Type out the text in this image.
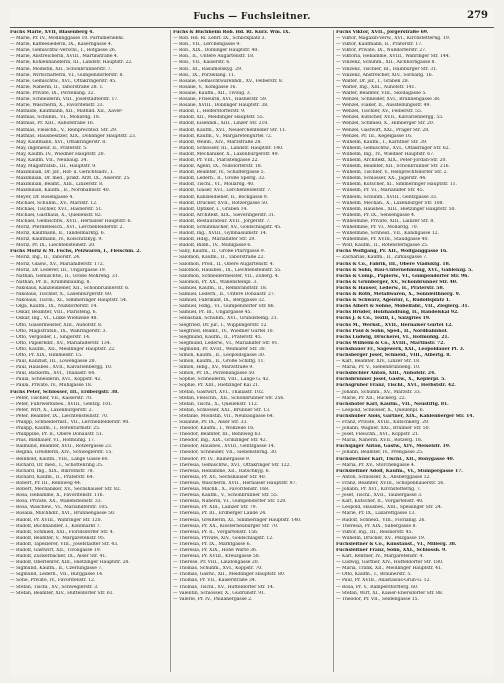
Fuchs — Fuchsleitner.	279
Fuchs Marie, XVII, Blasenberg 4.
— Marie, Pr. IV., Mödlinggasse 10. Parfumeriebhl.
— Marie, Kaffeesiederin, IX., Kaserngasse 4.
— Marie, Gemischtw.-Verschl., I., Rotgasse 26.
— Marie, Anstreicherin, XVIII., Martinstraße 4.
— Marie, Kohlenhändlerin, III., Landstr. Hauptstr. 22.
— Marie, Modistin, XII., Schönbrunnerstr. 7.
— Marie, Wirtschafterin, VI., Gumpendorferstr. 8.
— Marie, Gemischtw., XVI., Ottakringerstr. 45.
— Marie, Näherin, II., Taborstraße 28. T.
— Marie, Private, IX., Porzellang. 32.
— Marie, Schneiderin, VIII., Josefstädterstr. 17.
— Marie, Wäscherin, X., Favoritenstr. 33.
— Mathilde, Kaufmann, XII., Mathild. XII., Xaver-
— Mathias, Schuhm., VI., Mollardg. 18.
— Mathias, Pr. XIII., Auhofstraße 16.
— Mathias, Fleischh., V., Reinprechtsd. Str. 29.
— Mathias, Hausbesitzer, XIX., Döblinger Hauptstr. 23.
— May, Kaufmann, XVI., Ottakringerstr. 8.
— May, ingenieur, II., Praterstr. 5.
— May, Kaufm. IV., Wiedner Hauptstr. 20.
— May, Kaufm. VII., Neubaug. 34.
— May, Magistratsb., III., Hauptstr. 9.
— Maximilian, Dr. jur., Hof- u. Gerichtsadv., I.
— Maximilian, Dr. med., prakt. Arzt, IX., Alserstr. 25.
— Maximilian, Beamt., XIII., Linzerstr. 8.
— Maximilian, Kaufm., II., Nordbahnstr. 40.
— Meyer, Dr. Rosengasse 4.
— Michael, Schuhm., XV., Märzstr. 12.
— Michael, Tischler, XVI., Hasnerstr. 51.
— Michael, Gasthaus, X., Quellenstr. 82.
— Michael, Gemischtw., XVII., Hernalser Hauptstr. 6.
— Moriz, Pferdefleisch., XVI., Lerchenfelderstr. 2.
— Moriz, Kaufmann, II., Tandelmarktg. 6.
— Moriz, Kaufmann, IV., Kolschitzkyg. 9.
— Moriz, Pr. IX., Liechtensteinstr. 20.
Fuchs Moriz & M. Fuchs, Pelzwaren, I., Fleischm. 2.
— Moriz, Ing., II., Taborstr. 24.
— Moriz, Glasw., XV., Mariahilferstr. 172.
— Moriz, Dr. Lederer, III., Ungargasse 19.
— Nathan, Gemischtw., II., Große Mohreng. 31.
— Nathan, Pr. II., Krummbaumg. 8.
— Nikolaus, Kanzleidiener, XII., Schönbrunnerstr. 6.
— Nikolaus, Tischler, X., Laxenburgerstr. 60.
— Nikolaus, Tischl., XI., Simmeringer Hauptstr. 54.
— Olga, Kaufm., IX., Nußdorferstr. 14.
— Oskar, Beamter, VIII., Piaristeng. 6.
— Oskar, Ing., VI., Linke Wienzeile 48.
— Otto, Glasermeister, XIII., Auhofstr. 8.
— Otto, Magistratsb., IX., Währingerstr. 3.
— Otto, Vergolder, I., Singerstr. 14.
— Otto, Papierhdlr., XV., Mariahilferstr. 134.
— Otto, Kaufm., XII., Meidlinger Hauptstr. 22.
— Otto, Pr. XIX., Himmelstr. 15.
— Paul, Kanzlist, III., Löwengasse 28.
— Paul, Hausbes., XVII., Kalvarienbergg. 10.
— Paul, Bäckerm., XVI., Thaliastr. 64.
— Paula, Schneiderin, XVI., Koppstr. 42.
— Paula, Private, IV., Mühlgasse 18.
Fuchs Peter, Schlosser, III., Erdbergstr. 38.
— Peter, Tischler, VII., Kaiserstr. 70.
— Peter, Fuhrwerksbes., XVIII., Gentzg. 101.
— Peter, Wirt, X., Laxenburgerstr. 2.
— Peter, Beamter, IX., Liechtensteinstr. 70.
— Philipp, Schneidermst., VII., Lerchenfelderstr. 90.
— Philipp, Kaufm., I., Rotenturmstr. 25.
— Philippine, Pr. II., Obere Donaustr. 51.
— Pius, Bildhauer, VI., Hofmühlg. 17.
— Raimund, Beamter, XVII., Rötzergasse 23.
— Regina, Greißlerin, XIV., Schweglerstr. 15.
— Reinhold, Kaufm., VIII., Lange Gasse 60.
— Richard, Dr. med., I., Schottenring 35.
— Richard, Ing., XIX., Billrothstr. 78.
— Richard, Kaufm., II., Praterstr. 64.
— Robert, Pr. III., Rennweg 44.
— Robert, Mechaniker, XV., Sechshauser Str. 82.
— Rosa, Hebamme, X., Favoritenstr. 116.
— Rosa, Private, XX., Wallensteinstr. 33.
— Rosa, Wäschew., VI., Mariahilferstr. 105.
— Rosalia, Milchhdlr., XVI., Brunnengasse 50.
— Rudolf, Pr. XVIII., Währinger Str. 120.
— Rudolf, Buchhändler, I., Kohlmarkt 7.
— Rudolf, Schmied, XXI., Floridsdorfer Str. 4.
— Rudolf, Beamter, V., Margaretenstr. 95.
— Rudolf, Tapezierer, VIII., Josefstädter Str. 43.
— Rudolf, Gastwirt, XII., Tivoligasse 19.
— Rudolf, Zuckerbäcker, IX., Alser Str. 41.
— Rudolf, Oberlehrer, XIII., Hietzinger Hauptstr. 28.
— Sigmund, Kaufm., II., Czerningasse 7.
— Sigmund, Lederh., VII., Burggasse 14.
— Sofie, Private, IV., Favoritenstr. 12.
— Stefan, Tischl., XV., Schweglerstr. 3.
— Stefan, Beamter, XIV., Hütteldorfer Str. 61.
Fuchs & Buchheim Rob. Hd. Ri. Kurz. Wm. IX.
— Rob. Hd. Ri. Lehrf. IX., Schlickplatz 3.
— Rob., VII., Lerchengasse 9.
— Rob., XIX., Döblinger Hauptstr. 40.
— Rob., II., Untere Augartenstr. 18.
— Rob., VII., Kaiserstr. 6.
— Rob., III., Rasumofskyg. 29.
— Rob., IX., Porzellang. 11.
— Rosalie, Gemischtwarenhdl., XV., Felberstr. 8.
— Rosalie, V., Kohlgasse 16.
— Rosalie, Kaufm., XII., Tivolig. 3.
— Rosalie, Friseurin, XVI., Hasnerstr. 59.
— Rosalie, XVIII., Döblinger Hauptstr. 38.
— Rudolf, I., Helferstorferstr. 9.
— Rudolf, XII., Meidlinger Hauptstr. 55.
— Rudolf, Eisenhdl., XIII., Linzer Str. 210.
— Rudolf, Kaufm., XVI., Neulerchenfelder Str. 11.
— Rudolf, Kaufm., V., Margaretengürtel 72.
— Rudolf, Weinh., XIV., Märzstraße 28.
— Rudolf, Schlosser, III., Landstr. Hauptstr. 140.
— Rudolf, Mechaniker, X., Laxenburgerstr. 49.
— Rudolf, Pr. VIII., Piaristengasse 22.
— Rudolf, Agent, IX., Nußdorferstr. 18.
— Rudolf, Beamter, IV., Schäffergasse 5.
— Rudolf, Lederh., II., Große Sperlg. 32.
— Rudolf, Tischl., VI., Mollardg. 40.
— Rudolf, Glaser, XVI., Lerchenfelderstr. 7.
— Rudolf, Kanzleidiener, II., Bockgasse 9.
— Rudolf, Drucker, XVII., Rötzergasse 50.
— Rudolf, Optiker, I., Graben 14.
— Rudolf, Architekt, XIX., Sieveringerstr. 31.
— Rudolf, Restaurateur, XVII., Jörgerstr. 7.
— Rudolf, Schuhmacher, XV., Goldschlagstr. 45.
— Rudolf, Ing., XVIII., Gymnasiumstr. 14.
— Rudolf, Hdlg., Mariahilfer Str. 29.
— Rudolf, Bildh., IV., Mühlgasse 6.
— Sally, Kaufm., II., Große Pfarrgasse 9.
— Salomon, Kaufm., II., Taborstraße 22.
— Salomon, Prod., II., Obere Augartenstr. 4.
— Salomon, Hausbes., IX., Liechtensteinstr. 55.
— Salomon, Schneidermeister, VII., Zollerg. 4.
— Salomon, Pr. XX., Wallensteinpl. 3.
— Samuel, Kaufm., II., Rembrandtstr. 18.
— Samuel, Lederh., II., Untere Donaustr. 27.
— Samuel, Fabrikant, IX., Berggasse 32.
— Samuel, Hdlg., VI., Gumpendorfer Str. 86.
— Samuel, Pr. III., Ungargasse 45.
— Sebastian, Schuhm., XVI., Grundsteing. 21.
— Siegfried, Dr. jur., I., Wipplingerstr. 12.
— Siegfried, Beamt., IV., Wiedner Gürtel 10.
— Siegmund, Kaufm., II., Praterstr. 45.
— Siegmund, Lederw., VI., Mariahilfer Str. 91.
— Sigmund, Pr. XVIII., Weimarer Str. 30.
— Simon, Kaufm., II., Leopoldsgasse 30.
— Simon, Kaufm., II., Große Schiffg. 11.
— Simon, Hdlg., XV., Märzstraße 9.
— Simon, Pr. IX., Porzellangasse 50.
— Sophie, Schneiderin, VIII., Lange G. 42.
— Sophie, Pr. XIII., Hietzinger Kai 21.
— Stefan, Gastwirt, XVI., Thaliastr. 102.
— Stefan, Fleischh., XII., Schönbrunner Str. 256.
— Stefan, Tischl., X., Quellenstr. 112.
— Stefan, Schlosser, XXI., Brünner Str. 13.
— Stefanie, Modistin, VII., Neubaugasse 64.
— Susanne, Pr. IX., Alser Str. 33.
— Theodor, Kaufm., I., Wollzeile 16.
— Theodor, Beamter, III., Rennweg 63.
— Theodor, Ing., XIX., Grinzinger Str. 42.
— Theodor, Hausbes., XVIII., Gentzgasse 14.
— Theodor, Schneider, VII., Siebensterng. 30.
— Theodor, Pr. IV., Rainergasse 9.
— Theresia, Gemischtw., XVI., Ottakringer Str. 122.
— Theresia, Hebamme, XII., Ratschkyg. 6.
— Theresia, Pr. XV., Sechshauser Str. 40.
— Theresia, Wäscherin, XVII., Hernalser Hauptstr. 87.
— Theresia, Milchh., X., Favoritenstr. 168.
— Theresia, Kaufm., V., Schönbrunner Str. 55.
— Theresia, Näherin, VI., Gumpendorfer Str. 120.
— Theresia, Pr. XIII., Lainzer Str. 79.
— Theresia, Pr. III., Erdberger Lände 24.
— Theresia, Greißlerin, XI., Simmeringer Hauptstr. 140.
— Theresia, Pr. XX., Klosterneuburger Str. 70.
— Theresia, Pr. II., Vorgartenstr. 156.
— Theresia, Private, XIV., Goldschlagstr. 12.
— Theresia, Pr. IX., Marktgasse 6.
— Theresia, Pr. XIX., Hohe Warte 36.
— Theresia, Pr. XVIII., Kreuzgasse 58.
— Therese, Pr. VIII., Laudongasse 20.
— Thomas, Schuhm., XVI., Koppstr. 70.
— Thomas, Gastw., XII., Meidlinger Hauptstr. 80.
— Thomas, Pr. VII., Kaiserstraße 34.
— Thomas, Tischl., XV., Hütteldorfer Str. 14.
— Valentin, Schlosser, X., Gudrunstr. 91.
— Valerie, Pr. IV., Paulanergasse 2.
Fuchs Viktor, XVII., Jörgerstraße 69.
— Viktor, Magazin-Verw., XVI., Kirchstetterng. 19.
— Viktor, Kaufmann, II., Praterstr. 17.
— Viktor, Private, IX., Nußdorferstr. 27.
— Viktoria, Hebamme, XVIII., Währinger Str. 144.
— Vinzenz, Schuhm., XII., Aichhorngasse 8.
— Vinzenz, Tischler, III., Hainburger Str. 31.
— Vinzenz, Anstreicher, XIV., Sorbaitg. 16.
— Walter, Dr. jur., I., Graben 28.
— Walter, Ing., XIII., Auhofstr. 141.
— Walter, Beamter, VIII., Skodagasse 5.
— Wenzel, Schneider, XVI., Brunnengasse 38.
— Wenzel, Fiaker, II., Ausstellungsstr. 49.
— Wenzel, Tischler, XV., Felberstr. 55.
— Wenzel, Kutscher, XVII., Kalvarienbergg. 55.
— Wenzel, Schmied, X., Himberger Str. 20.
— Wenzel, Gastwirt, XXI., Prager Str. 28.
— Wenzel, Pr. III., Kegelgasse 16.
— Wilhelm, Kaufm., I., Kärntner Str. 39.
— Wilhelm, Gemischtw., XVI., Ottakringer Str. 62.
— Wilhelm, Ing., IV., Wiedner Hauptstr. 67.
— Wilhelm, Architekt, XIX., Peter-Jordan-Str. 20.
— Wilhelm, Beamter, XII., Schönbrunner Str. 216.
— Wilhelm, Tischler, V., Reinprechtsdorfer Str. 2.
— Wilhelm, Schlosser, XX., Jägerstr. 44.
— Wilhelm, Kutscher, XI., Simmeringer Hauptstr. 11.
— Wilhelm, Pr. VI., Mariahilfer Str. 45.
— Wilhelm, Schuhm., XVIII., Gentzgasse 33.
— Wilhelm, Mechan., X., Laxenburger Str. 108.
— Wilhelm, Hausbes., XIII., Hietzinger Hauptstr. 50.
— Wilhelm, Pr. IX., Sensengasse 4.
— Wilhelmine, Private, XIII., Lainzer Str. 8.
— Wilhelmine, Pr. VI., Mollardg. 70.
— Wilhelmine, Schneid., VII., Kandlgasse 12.
— Wilhelmine, Pr. XVIII., Staudgasse 40.
— Wolf, Kaufm., II., Rotensterngasse 25.
Fuchs Wolfgang, Pr. XII., Wolfganggasse 16.
— Zacharias, Kaufm., II., Zirkusgasse 7.
Fuchs & Co., Fabrik, III., Obere Viaduktg. 18.
Fuchs & Sohn, Bau-Unternehmung, XVI., Gablenzg. 5.
Fuchs & Comp., Papierw., VI., Gumpendorfer Str. 96.
Fuchs & Grünberger, XV., Schönbrunner Str. 40.
Fuchs & Hauser, Lederw., II., Praterstr. 58.
Fuchs & Roth, Metallwaren, X., Sonnleithnerg. 9.
Fuchs & Schwarz, Agentur, I., Rudolfsplatz 1.
Fuchs Albert & Söhne, Möbelfabr., VII., Zieglerg. 31.
Fuchs Brüder, Holzhandlung, II., Handelskai 92.
Fuchs J. & Co., Textil, I., Salzgries 19.
Fuchs M., Werkst., XVII., Hernalser Gürtel 12.
Fuchs Paul & Sohn, Sped., II., Nordbahnhof.
Fuchs Ludwig, Druckerei, VI., Hofmühlg. 21.
Fuchs Wilhelm & Co., XVIII., Martinstr. 72.
Fuchsbauer Fr., Sägewerk, XXI., Leopoldauer Pl. 3.
Fuchsberger Josef, Schneid., VIII., Albertg. 8.
— Karl, Beamter, XIV., Linzer Str. 18.
— Maria, Pr. V., Siebenbrunneng. 10.
Fuchsbichler Anton, XIII., Auhofstr. 24.
Fuchsbrunner Josef, Gastw., X., Keplerpl. 5.
Fuchsgruber Franz, Tischl., XVI., Herbststr. 42.
— Johann, Schuhm., XV., Märzstr. 33.
— Marie, Pr. XII., Ruckerg. 22.
Fuchshofer Karl, Kaufm., VII., Neustiftg. 81.
— Leopold, Schlosser, X., Quellenpl. 6.
Fuchshuber Alois, Gärtner, XIX., Kahlenberger Str. 14.
— Franz, Private, XVIII., Kutschkerg. 29.
— Johann, Wagner, XXI., Brünner Str. 50.
— Josef, Fleischh., XVI., Koppstr. 21.
— Maria, Näherin, XVII., Rötzerg. 18.
Fuchsjäger Anton, Gastw., XIV., Meiselstr. 19.
— Johann, Beamter, IV., Preßgasse 25.
Fuchslechner Karl, Tischl., XII., Bonygasse 40.
— Maria, Pr. XV., Storchengasse 4.
Fuchsleitner Adolf, Kaufm., VI., Stumpergasse 17.
— Anton, Schlosser, X., Absberggasse 12.
— Franz, Beamter, XVIII., Schopenhauerstr. 56.
— Johann, Pr. XVI., Kirchstetterng. 7.
— Josef, Tischl., XVII., Taubergasse 3.
— Karl, Kutscher, II., Vorgartenstr. 40.
— Leopold, Hausbes., XIII., Speisinger Str. 24.
— Marie, Pr. IX., Lazarettgasse 13.
— Rudolf, Schneid., VIII., Florianig. 26.
— Theresia, Pr. XIX., Silbergasse 8.
— Viktor, Ing., III., Reisnerstr. 45.
— Wilhelm, Drucker, XV., Pelzgasse 19.
Fuchsleitner & Co., Kunstanst., VI., Millerg. 38.
Fuchsleitner Franz, Sohn, XXI., Schlossh. 9.
— Karl, Rentner, IV., Margaretenstr. 4.
— Ludwig, Gärtner, XIV., Hütteldorfer Str. 180.
— Maria, Trafik, XII., Meidlinger Hauptstr. 41.
— Otto, Kaufm., I., Bräunerstr. 5.
— Paul, Pr. XVIII., Anastasius-Grün-G. 12.
— Rosa, Pr. V., Ramperstorfferg. 60.
— Stefan, Wirt, XI., Kaiser-Ebersdorfer Str. 88.
— Theodor, Pr. VII., Seidengasse 15.
